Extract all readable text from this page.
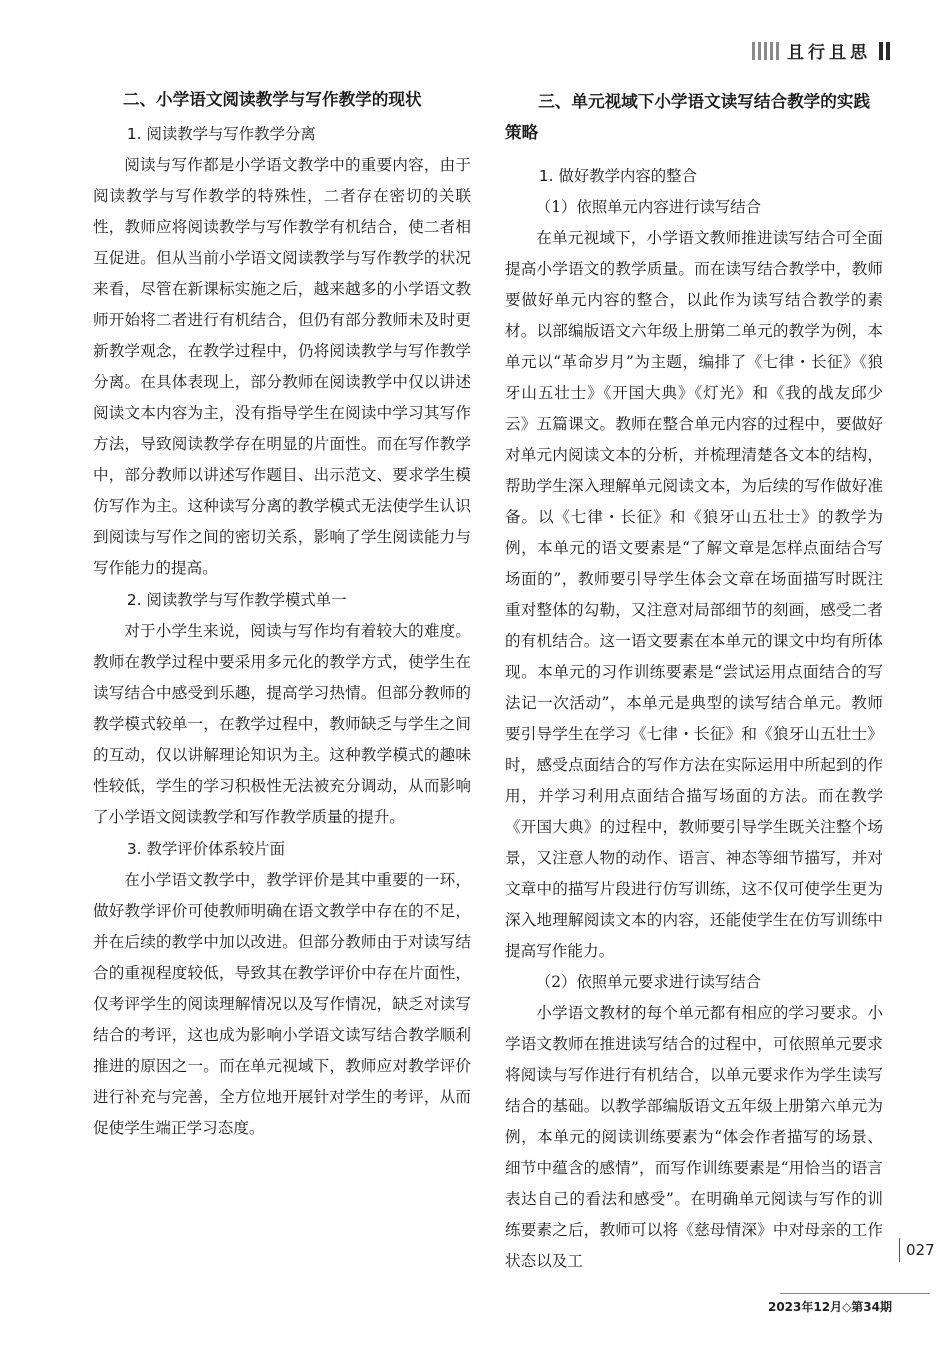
且行且思
二、小学语文阅读教学与写作教学的现状
1. 阅读教学与写作教学分离

阅读与写作都是小学语文教学中的重要内容，由于阅读教学与写作教学的特殊性，二者存在密切的关联性，教师应将阅读教学与写作教学有机结合，使二者相互促进。但从当前小学语文阅读教学与写作教学的状况来看，尽管在新课标实施之后，越来越多的小学语文教师开始将二者进行有机结合，但仍有部分教师未及时更新教学观念，在教学过程中，仍将阅读教学与写作教学分离。在具体表现上，部分教师在阅读教学中仅以讲述阅读文本内容为主，没有指导学生在阅读中学习其写作方法，导致阅读教学存在明显的片面性。而在写作教学中，部分教师以讲述写作题目、出示范文、要求学生模仿写作为主。这种读写分离的教学模式无法使学生认识到阅读与写作之间的密切关系，影响了学生阅读能力与写作能力的提高。

2. 阅读教学与写作教学模式单一

对于小学生来说，阅读与写作均有着较大的难度。教师在教学过程中要采用多元化的教学方式，使学生在读写结合中感受到乐趣，提高学习热情。但部分教师的教学模式较单一，在教学过程中，教师缺乏与学生之间的互动，仅以讲解理论知识为主。这种教学模式的趣味性较低，学生的学习积极性无法被充分调动，从而影响了小学语文阅读教学和写作教学质量的提升。

3. 教学评价体系较片面

在小学语文教学中，教学评价是其中重要的一环，做好教学评价可使教师明确在语文教学中存在的不足，并在后续的教学中加以改进。但部分教师由于对读写结合的重视程度较低，导致其在教学评价中存在片面性，仅考评学生的阅读理解情况以及写作情况，缺乏对读写结合的考评，这也成为影响小学语文读写结合教学顺利推进的原因之一。而在单元视域下，教师应对教学评价进行补充与完善，全方位地开展针对学生的考评，从而促使学生端正学习态度。

三、单元视域下小学语文读写结合教学的实践策略
1. 做好教学内容的整合
（1）依照单元内容进行读写结合

在单元视域下，小学语文教师推进读写结合可全面提高小学语文的教学质量。而在读写结合教学中，教师要做好单元内容的整合，以此作为读写结合教学的素材。以部编版语文六年级上册第二单元的教学为例，本单元以“革命岁月”为主题，编排了《七律・长征》《狼牙山五壮士》《开国大典》《灯光》和《我的战友邱少云》五篇课文。教师在整合单元内容的过程中，要做好对单元内阅读文本的分析，并梳理清楚各文本的结构，帮助学生深入理解单元阅读文本，为后续的写作做好准备。以《七律・长征》和《狼牙山五壮士》的教学为例，本单元的语文要素是“了解文章是怎样点面结合写场面的”，教师要引导学生体会文章在场面描写时既注重对整体的勾勒，又注意对局部细节的刻画，感受二者的有机结合。这一语文要素在本单元的课文中均有所体现。本单元的习作训练要素是“尝试运用点面结合的写法记一次活动”，本单元是典型的读写结合单元。教师要引导学生在学习《七律・长征》和《狼牙山五壮士》时，感受点面结合的写作方法在实际运用中所起到的作用，并学习利用点面结合描写场面的方法。而在教学《开国大典》的过程中，教师要引导学生既关注整个场景，又注意人物的动作、语言、神态等细节描写，并对文章中的描写片段进行仿写训练，这不仅可使学生更为深入地理解阅读文本的内容，还能使学生在仿写训练中提高写作能力。

（2）依照单元要求进行读写结合

小学语文教材的每个单元都有相应的学习要求。小学语文教师在推进读写结合的过程中，可依照单元要求将阅读与写作进行有机结合，以单元要求作为学生读写结合的基础。以教学部编版语文五年级上册第六单元为例，本单元的阅读训练要素为“体会作者描写的场景、细节中蕴含的感情”，而写作训练要素是“用恰当的语言表达自己的看法和感受”。在明确单元阅读与写作的训练要素之后，教师可以将《慈母情深》中对母亲的工作状态以及工

027
2023年12月◇第34期
